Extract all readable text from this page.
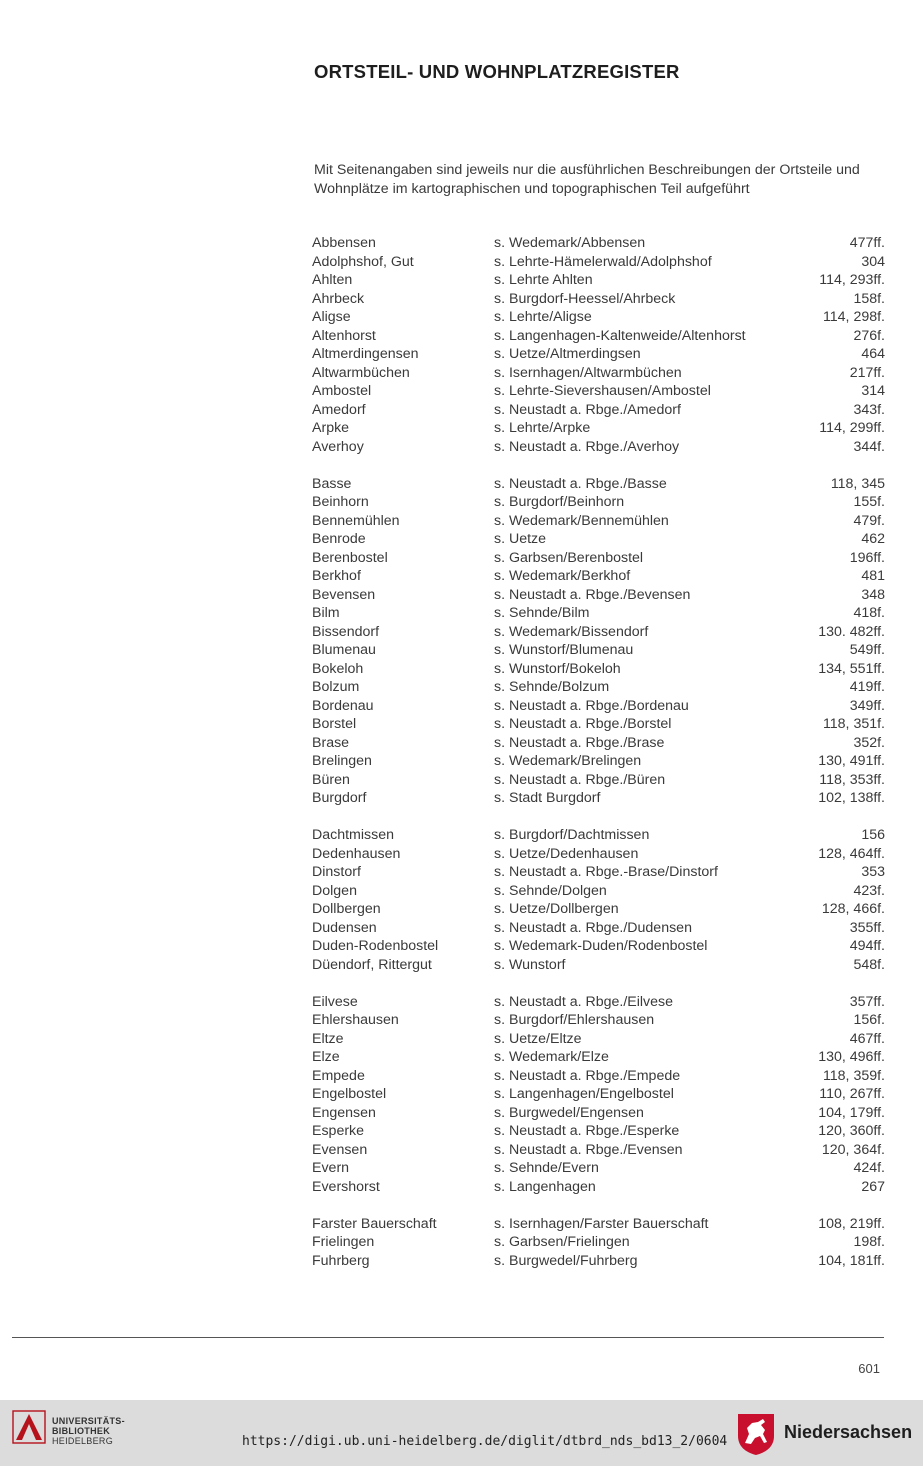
ORTSTEIL- UND WOHNPLATZREGISTER

Mit Seitenangaben sind jeweils nur die ausführlichen Beschreibungen der Ortsteile und Wohnplätze im kartographischen und topographischen Teil aufgeführt

Abbensen	s. Wedemark/Abbensen	477ff.
Adolphshof, Gut	s. Lehrte-Hämelerwald/Adolphshof	304
Ahlten	s. Lehrte Ahlten	114, 293ff.
Ahrbeck	s. Burgdorf-Heessel/Ahrbeck	158f.
Aligse	s. Lehrte/Aligse	114, 298f.
Altenhorst	s. Langenhagen-Kaltenweide/Altenhorst	276f.
Altmerdingensen	s. Uetze/Altmerdingsen	464
Altwarmbüchen	s. Isernhagen/Altwarmbüchen	217ff.
Ambostel	s. Lehrte-Sievershausen/Ambostel	314
Amedorf	s. Neustadt a. Rbge./Amedorf	343f.
Arpke	s. Lehrte/Arpke	114, 299ff.
Averhoy	s. Neustadt a. Rbge./Averhoy	344f.
Basse	s. Neustadt a. Rbge./Basse	118, 345
Beinhorn	s. Burgdorf/Beinhorn	155f.
Bennemühlen	s. Wedemark/Bennemühlen	479f.
Benrode	s. Uetze	462
Berenbostel	s. Garbsen/Berenbostel	196ff.
Berkhof	s. Wedemark/Berkhof	481
Bevensen	s. Neustadt a. Rbge./Bevensen	348
Bilm	s. Sehnde/Bilm	418f.
Bissendorf	s. Wedemark/Bissendorf	130. 482ff.
Blumenau	s. Wunstorf/Blumenau	549ff.
Bokeloh	s. Wunstorf/Bokeloh	134, 551ff.
Bolzum	s. Sehnde/Bolzum	419ff.
Bordenau	s. Neustadt a. Rbge./Bordenau	349ff.
Borstel	s. Neustadt a. Rbge./Borstel	118, 351f.
Brase	s. Neustadt a. Rbge./Brase	352f.
Brelingen	s. Wedemark/Brelingen	130, 491ff.
Büren	s. Neustadt a. Rbge./Büren	118, 353ff.
Burgdorf	s. Stadt Burgdorf	102, 138ff.
Dachtmissen	s. Burgdorf/Dachtmissen	156
Dedenhausen	s. Uetze/Dedenhausen	128, 464ff.
Dinstorf	s. Neustadt a. Rbge.-Brase/Dinstorf	353
Dolgen	s. Sehnde/Dolgen	423f.
Dollbergen	s. Uetze/Dollbergen	128, 466f.
Dudensen	s. Neustadt a. Rbge./Dudensen	355ff.
Duden-Rodenbostel	s. Wedemark-Duden/Rodenbostel	494ff.
Düendorf, Rittergut	s. Wunstorf	548f.
Eilvese	s. Neustadt a. Rbge./Eilvese	357ff.
Ehlershausen	s. Burgdorf/Ehlershausen	156f.
Eltze	s. Uetze/Eltze	467ff.
Elze	s. Wedemark/Elze	130, 496ff.
Empede	s. Neustadt a. Rbge./Empede	118, 359f.
Engelbostel	s. Langenhagen/Engelbostel	110, 267ff.
Engensen	s. Burgwedel/Engensen	104, 179ff.
Esperke	s. Neustadt a. Rbge./Esperke	120, 360ff.
Evensen	s. Neustadt a. Rbge./Evensen	120, 364f.
Evern	s. Sehnde/Evern	424f.
Evershorst	s. Langenhagen	267
Farster Bauerschaft	s. Isernhagen/Farster Bauerschaft	108, 219ff.
Frielingen	s. Garbsen/Frielingen	198f.
Fuhrberg	s. Burgwedel/Fuhrberg	104, 181ff.
601
UNIVERSITÄTS-
BIBLIOTHEK
HEIDELBERG	https://digi.ub.uni-heidelberg.de/diglit/dtbrd_nds_bd13_2/0604	Niedersachsen
